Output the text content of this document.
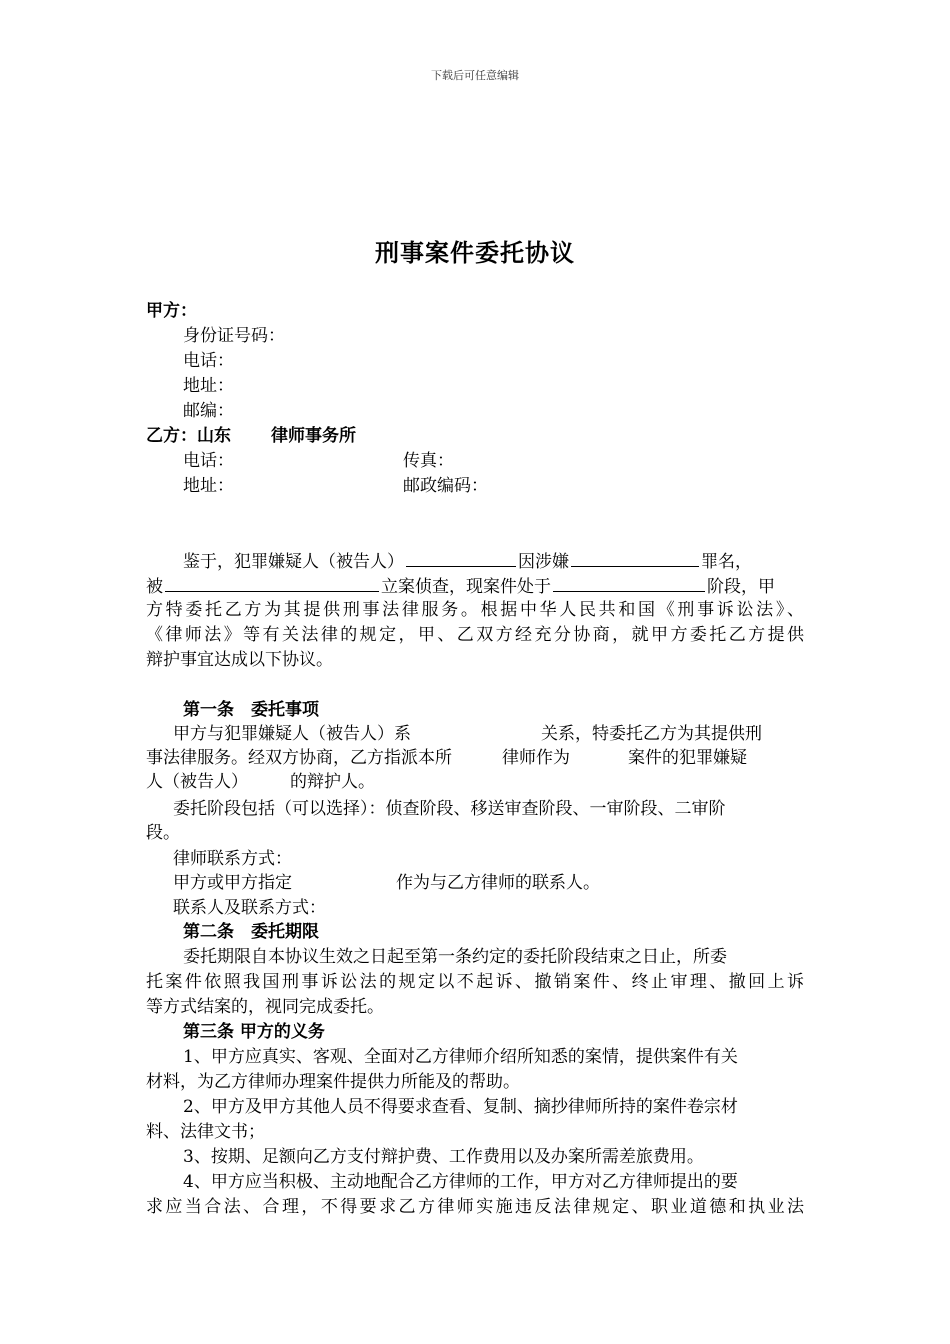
下载后可任意编辑
刑事案件委托协议
甲方：
身份证号码：
电话：
地址：
邮编：
乙方：山东 律师事务所
电话：	传真：
地址：	邮政编码：
鉴于，犯罪嫌疑人（被告人）	因涉嫌	罪名，
被	立案侦查，现案件处于	阶段，甲
方特委托乙方为其提供刑事法律服务。根据中华人民共和国《刑事诉讼法》、
《律师法》等有关法律的规定，甲、乙双方经充分协商，就甲方委托乙方提供
辩护事宜达成以下协议。
第一条　委托事项
甲方与犯罪嫌疑人（被告人）系	关系，特委托乙方为其提供刑
事法律服务。经双方协商，乙方指派本所	律师作为	案件的犯罪嫌疑
人（被告人） 的辩护人。
委托阶段包括（可以选择）：侦查阶段、移送审查阶段、一审阶段、二审阶
段。
律师联系方式：
甲方或甲方指定	作为与乙方律师的联系人。
联系人及联系方式：
第二条　委托期限
委托期限自本协议生效之日起至第一条约定的委托阶段结束之日止，所委
托案件依照我国刑事诉讼法的规定以不起诉、撤销案件、终止审理、撤回上诉
等方式结案的，视同完成委托。
第三条 甲方的义务
1、甲方应真实、客观、全面对乙方律师介绍所知悉的案情，提供案件有关
材料，为乙方律师办理案件提供力所能及的帮助。
2、甲方及甲方其他人员不得要求查看、复制、摘抄律师所持的案件卷宗材
料、法律文书；
3、按期、足额向乙方支付辩护费、工作费用以及办案所需差旅费用。
4、甲方应当积极、主动地配合乙方律师的工作，甲方对乙方律师提出的要
求应当合法、合理，不得要求乙方律师实施违反法律规定、职业道德和执业法
